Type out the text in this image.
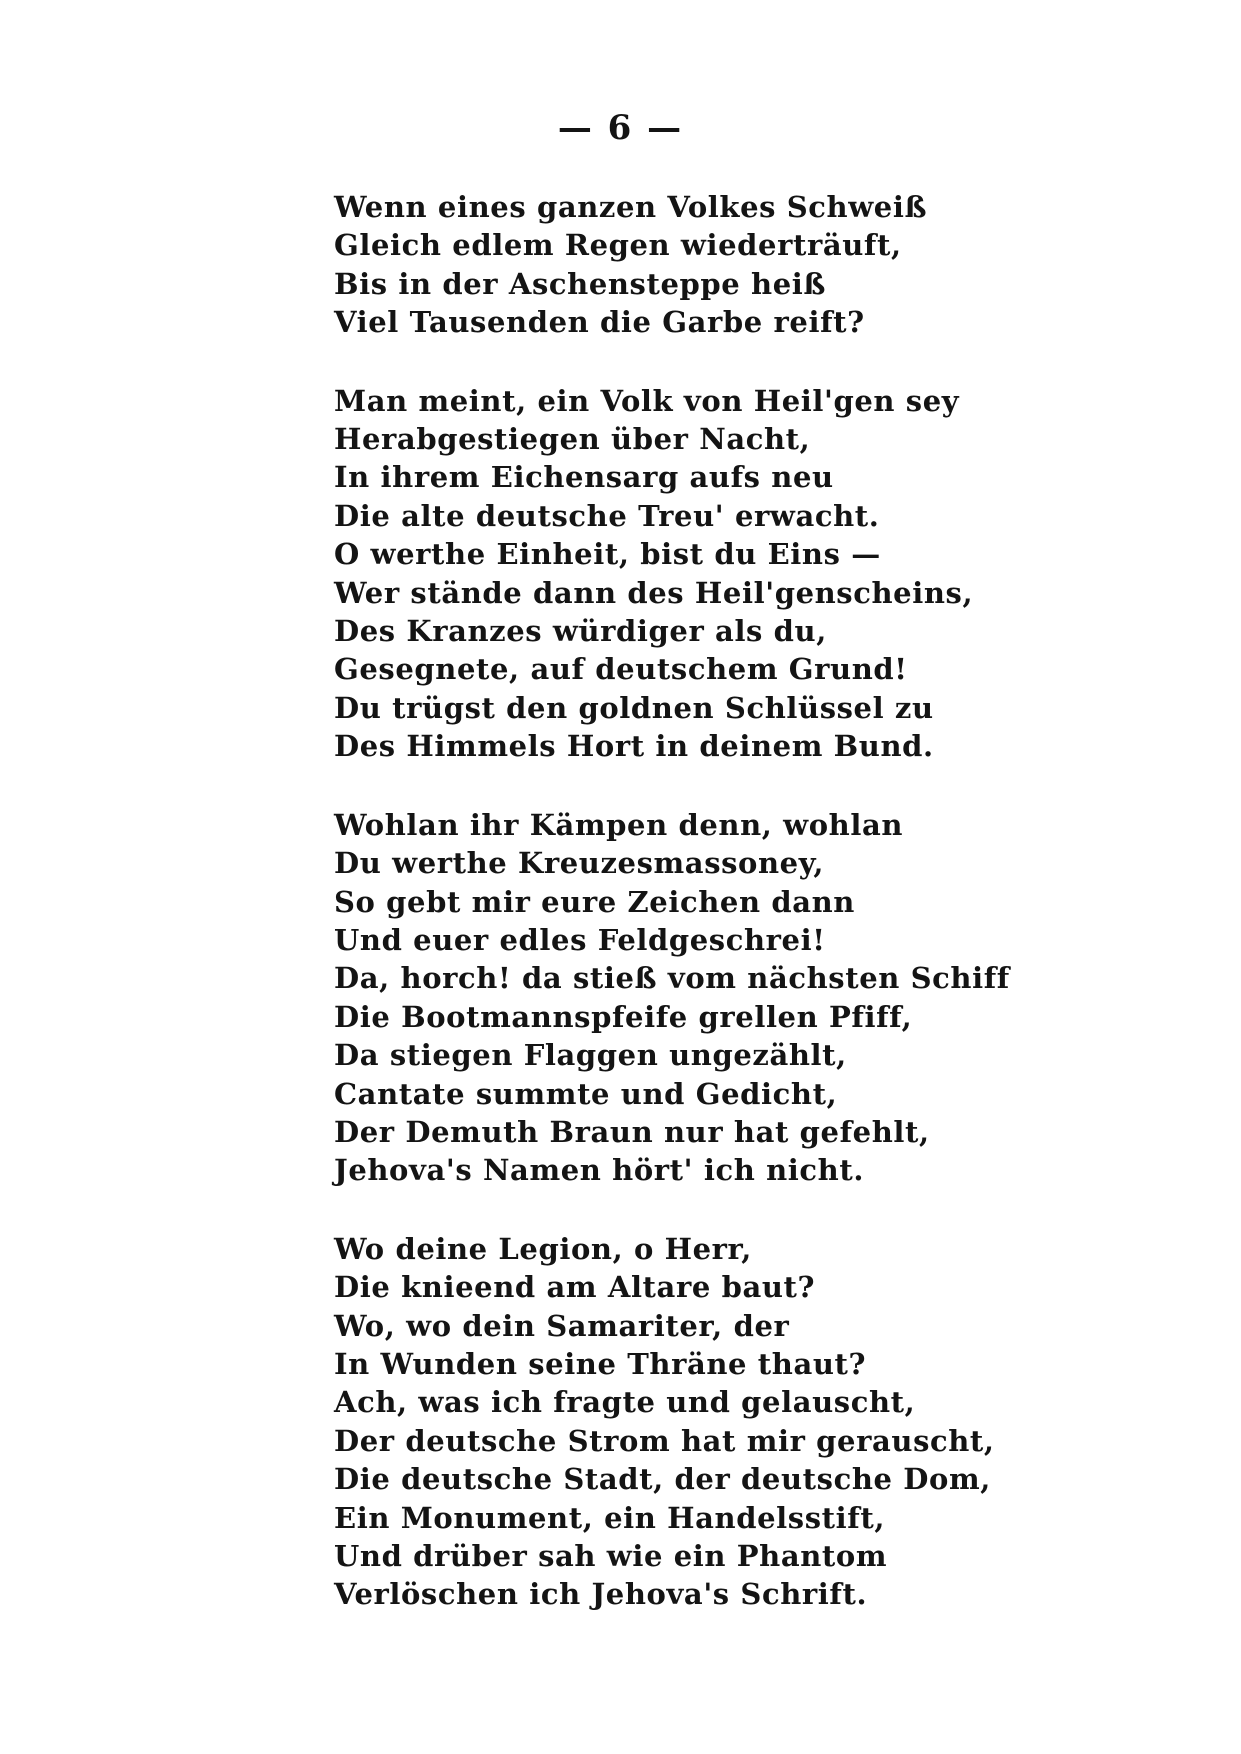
— 6 —
Wenn eines ganzen Volkes Schweiß
Gleich edlem Regen wiederträuft,
Bis in der Aschensteppe heiß
Viel Tausenden die Garbe reift?
Man meint, ein Volk von Heil'gen sey
Herabgestiegen über Nacht,
In ihrem Eichensarg aufs neu
Die alte deutsche Treu' erwacht.
O werthe Einheit, bist du Eins —
Wer stände dann des Heil'genscheins,
Des Kranzes würdiger als du,
Gesegnete, auf deutschem Grund!
Du trügst den goldnen Schlüssel zu
Des Himmels Hort in deinem Bund.
Wohlan ihr Kämpen denn, wohlan
Du werthe Kreuzesmassoney,
So gebt mir eure Zeichen dann
Und euer edles Feldgeschrei!
Da, horch! da stieß vom nächsten Schiff
Die Bootmannspfeife grellen Pfiff,
Da stiegen Flaggen ungezählt,
Cantate summte und Gedicht,
Der Demuth Braun nur hat gefehlt,
Jehova's Namen hört' ich nicht.
Wo deine Legion, o Herr,
Die knieend am Altare baut?
Wo, wo dein Samariter, der
In Wunden seine Thräne thaut?
Ach, was ich fragte und gelauscht,
Der deutsche Strom hat mir gerauscht,
Die deutsche Stadt, der deutsche Dom,
Ein Monument, ein Handelsstift,
Und drüber sah wie ein Phantom
Verlöschen ich Jehova's Schrift.
